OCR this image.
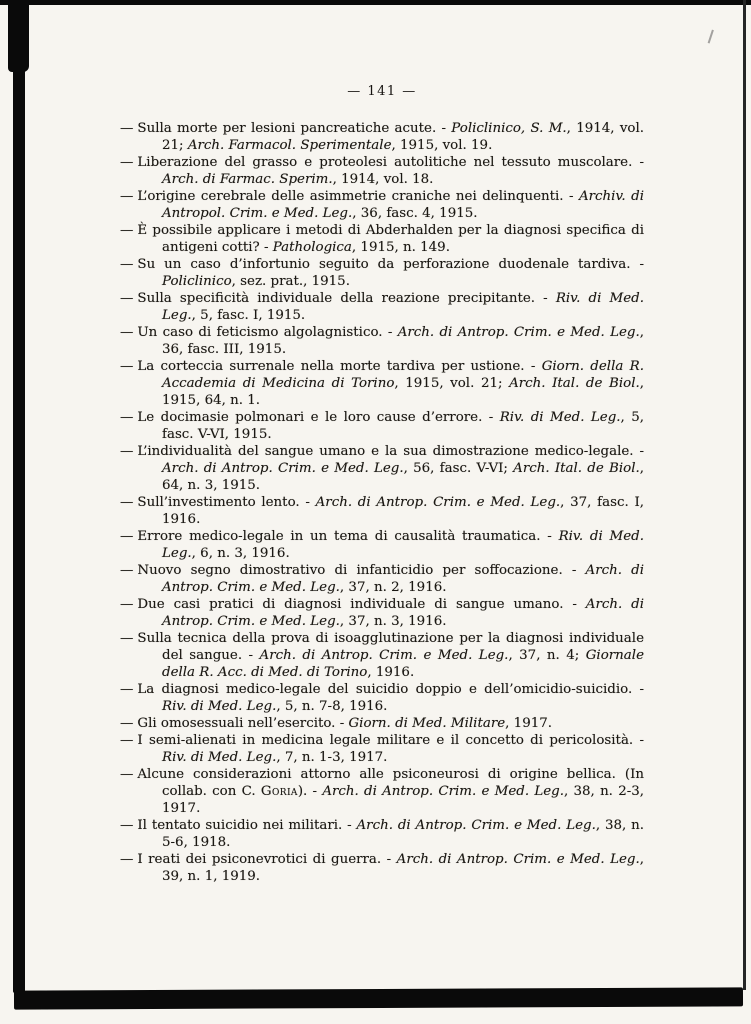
— 141 —
— Sulla morte per lesioni pancreatiche acute. - Policlinico, S. M., 1914, vol. 21; Arch. Farmacol. Sperimentale, 1915, vol. 19.
— Liberazione del grasso e proteolesi autolitiche nel tessuto muscolare. - Arch. di Farmac. Sperim., 1914, vol. 18.
— L’origine cerebrale delle asimmetrie craniche nei delinquenti. - Archiv. di Antropol. Crim. e Med. Leg., 36, fasc. 4, 1915.
— È possibile applicare i metodi di Abderhalden per la diagnosi specifica di antigeni cotti? - Pathologica, 1915, n. 149.
— Su un caso d’infortunio seguito da perforazione duodenale tardiva. - Policlinico, sez. prat., 1915.
— Sulla specificità individuale della reazione precipitante. - Riv. di Med. Leg., 5, fasc. I, 1915.
— Un caso di feticismo algolagnistico. - Arch. di Antrop. Crim. e Med. Leg., 36, fasc. III, 1915.
— La corteccia surrenale nella morte tardiva per ustione. - Giorn. della R. Accademia di Medicina di Torino, 1915, vol. 21; Arch. Ital. de Biol., 1915, 64, n. 1.
— Le docimasie polmonari e le loro cause d’errore. - Riv. di Med. Leg., 5, fasc. V-VI, 1915.
— L’individualità del sangue umano e la sua dimostrazione medico-legale. - Arch. di Antrop. Crim. e Med. Leg., 56, fasc. V-VI; Arch. Ital. de Biol., 64, n. 3, 1915.
— Sull’investimento lento. - Arch. di Antrop. Crim. e Med. Leg., 37, fasc. I, 1916.
— Errore medico-legale in un tema di causalità traumatica. - Riv. di Med. Leg., 6, n. 3, 1916.
— Nuovo segno dimostrativo di infanticidio per soffocazione. - Arch. di Antrop. Crim. e Med. Leg., 37, n. 2, 1916.
— Due casi pratici di diagnosi individuale di sangue umano. - Arch. di Antrop. Crim. e Med. Leg., 37, n. 3, 1916.
— Sulla tecnica della prova di isoagglutinazione per la diagnosi individuale del sangue. - Arch. di Antrop. Crim. e Med. Leg., 37, n. 4; Giornale della R. Acc. di Med. di Torino, 1916.
— La diagnosi medico-legale del suicidio doppio e dell’omicidio-suicidio. - Riv. di Med. Leg., 5, n. 7-8, 1916.
— Gli omosessuali nell’esercito. - Giorn. di Med. Militare, 1917.
— I semi-alienati in medicina legale militare e il concetto di pericolosità. - Riv. di Med. Leg., 7, n. 1-3, 1917.
— Alcune considerazioni attorno alle psiconeurosi di origine bellica. (In collab. con C. Goria). - Arch. di Antrop. Crim. e Med. Leg., 38, n. 2-3, 1917.
— Il tentato suicidio nei militari. - Arch. di Antrop. Crim. e Med. Leg., 38, n. 5-6, 1918.
— I reati dei psiconevrotici di guerra. - Arch. di Antrop. Crim. e Med. Leg., 39, n. 1, 1919.
